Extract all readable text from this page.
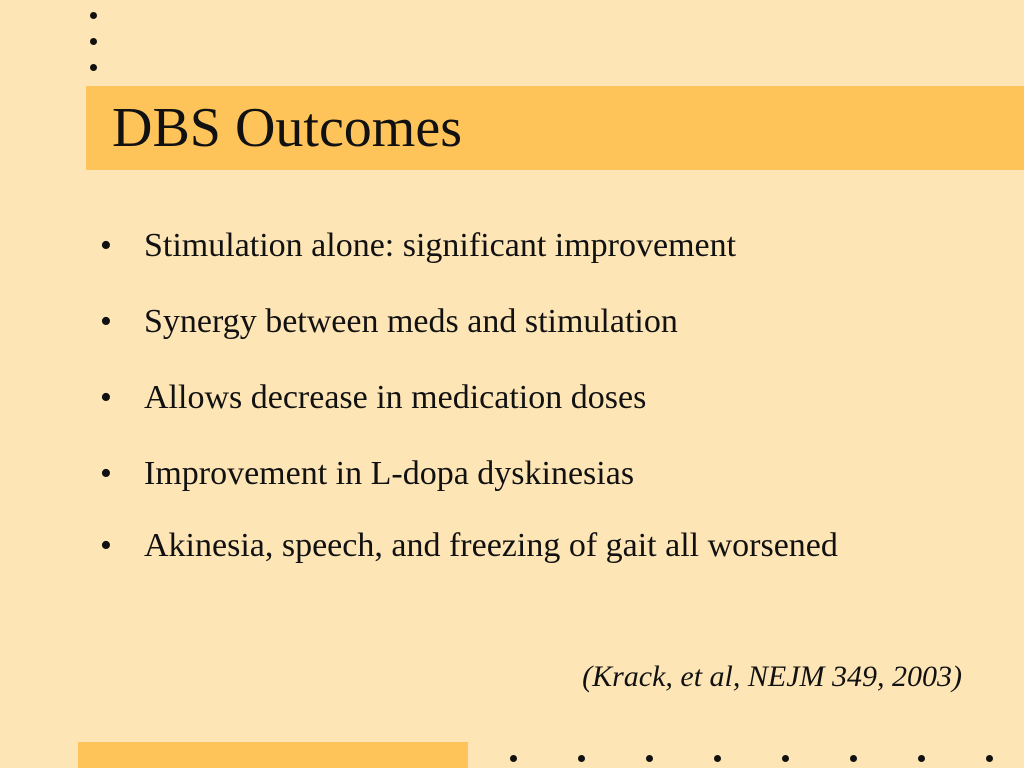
DBS Outcomes
• Stimulation alone: significant improvement
• Synergy between meds and stimulation
• Allows decrease in medication doses
• Improvement in L-dopa dyskinesias
• Akinesia, speech, and freezing of gait all worsened
(Krack, et al, NEJM 349, 2003)
